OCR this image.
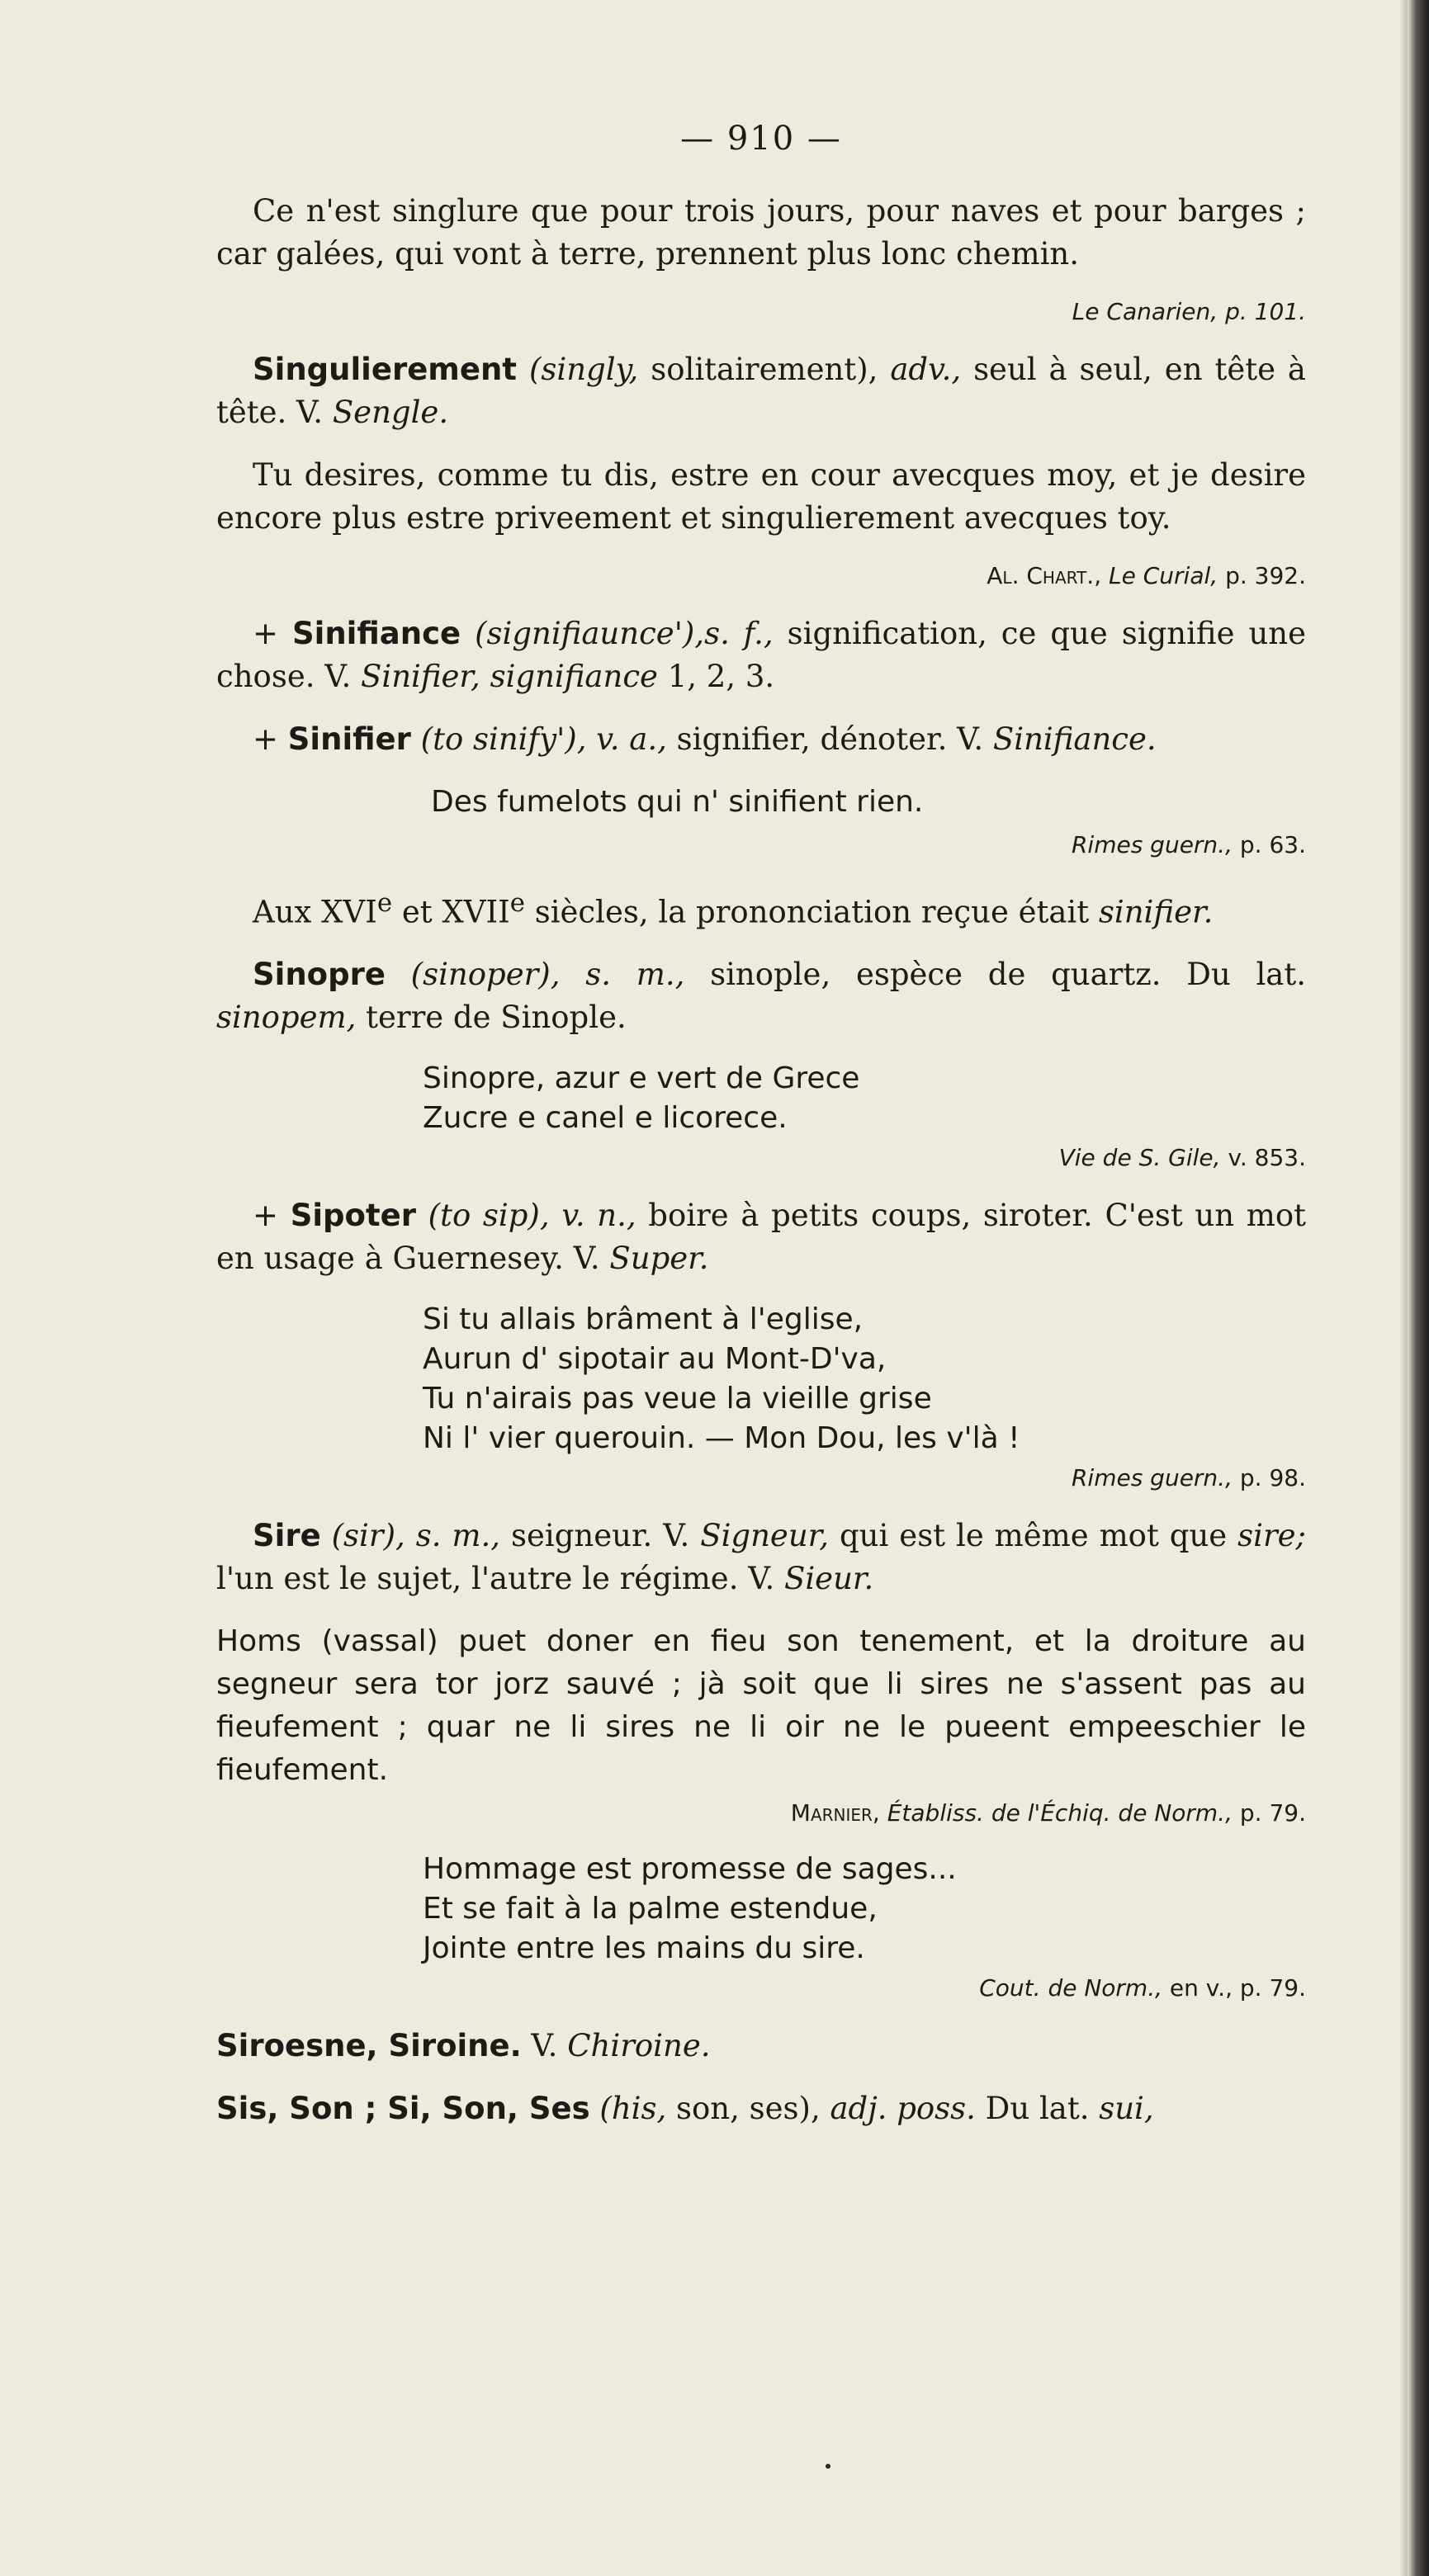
— 910 —

Ce n'est singlure que pour trois jours, pour naves et pour barges ; car galées, qui vont à terre, prennent plus lonc chemin.

Le Canarien, p. 101.

Singulierement (singly, solitairement), adv., seul à seul, en tête à tête. V. Sengle.

Tu desires, comme tu dis, estre en cour avecques moy, et je desire encore plus estre priveement et singulierement avecques toy.

Al. Chart., Le Curial, p. 392.

+ Sinifiance (signifiaunce'),s. f., signification, ce que signifie une chose. V. Sinifier, signifiance 1, 2, 3.

+ Sinifier (to sinify'), v. a., signifier, dénoter. V. Sinifiance.

Des fumelots qui n' sinifient rien.

Rimes guern., p. 63.

Aux XVIe et XVIIe siècles, la prononciation reçue était sinifier.

Sinopre (sinoper), s. m., sinople, espèce de quartz. Du lat. sinopem, terre de Sinople.

Sinopre, azur e vert de Grece
Zucre e canel e licorece.
Vie de S. Gile, v. 853.

+ Sipoter (to sip), v. n., boire à petits coups, siroter. C'est un mot en usage à Guernesey. V. Super.

Si tu allais brâment à l'eglise,
Aurun d' sipotair au Mont-D'va,
Tu n'airais pas veue la vieille grise
Ni l' vier querouin. — Mon Dou, les v'là !
Rimes guern., p. 98.

Sire (sir), s. m., seigneur. V. Signeur, qui est le même mot que sire; l'un est le sujet, l'autre le régime. V. Sieur.

Homs (vassal) puet doner en fieu son tenement, et la droiture au segneur sera tor jorz sauvé ; jà soit que li sires ne s'assent pas au fieufement ; quar ne li sires ne li oir ne le pueent empeeschier le fieufement.

Marnier, Établiss. de l'Échiq. de Norm., p. 79.
Hommage est promesse de sages...
Et se fait à la palme estendue,
Jointe entre les mains du sire.
Cout. de Norm., en v., p. 79.

Siroesne, Siroine. V. Chiroine.

Sis, Son ; Si, Son, Ses (his, son, ses), adj. poss. Du lat. sui,
